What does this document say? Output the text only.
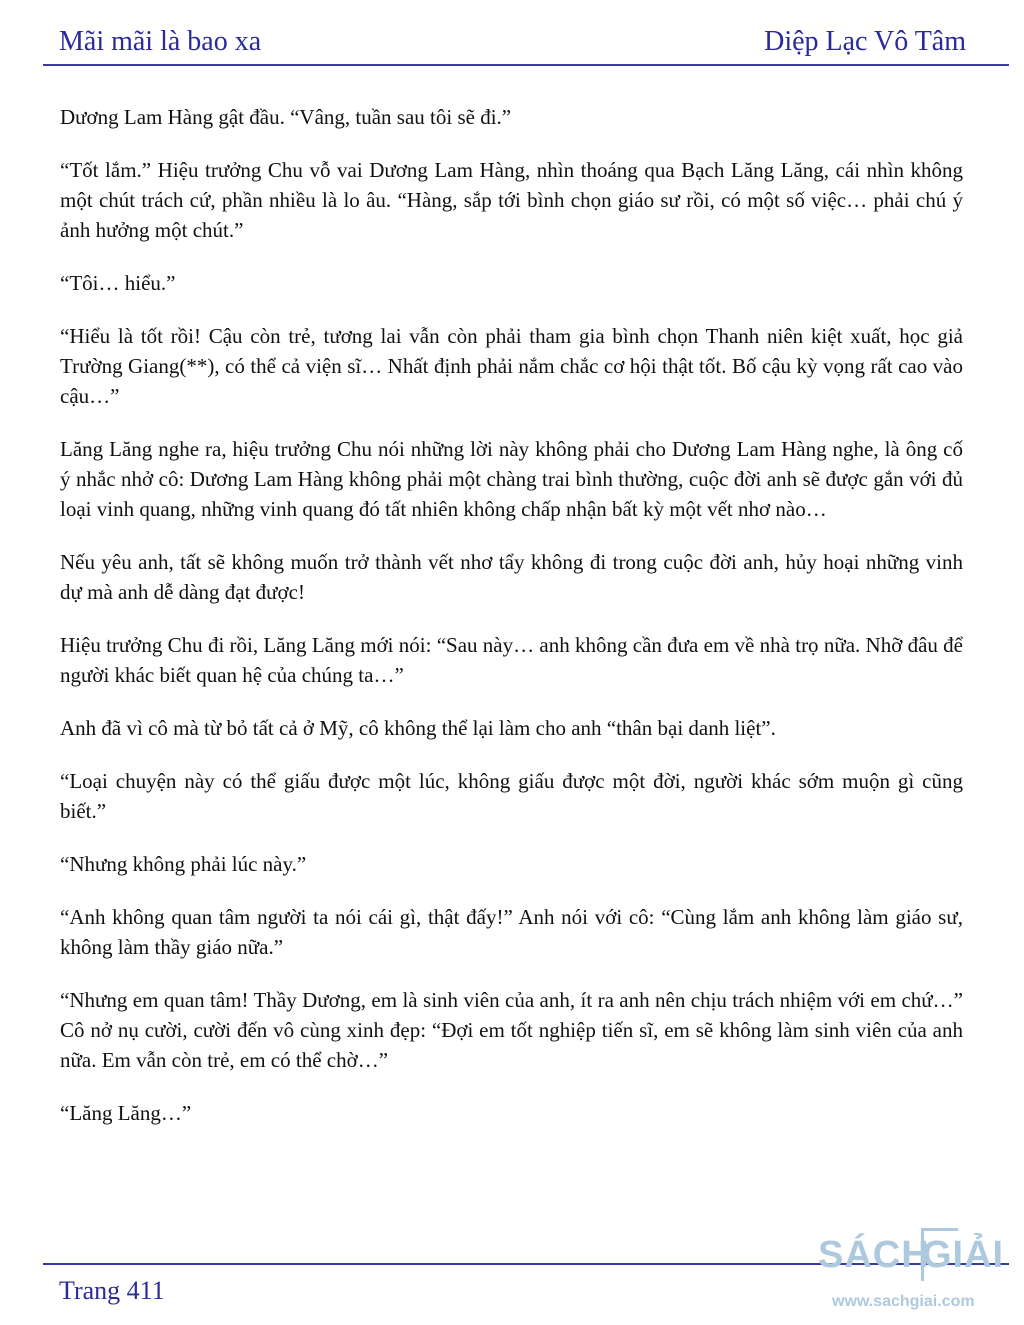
Mãi mãi là bao xa	Diệp Lạc Vô Tâm

Dương Lam Hàng gật đầu. “Vâng, tuần sau tôi sẽ đi.”

“Tốt lắm.” Hiệu trưởng Chu vỗ vai Dương Lam Hàng, nhìn thoáng qua Bạch Lăng Lăng, cái nhìn không một chút trách cứ, phần nhiều là lo âu. “Hàng, sắp tới bình chọn giáo sư rồi, có một số việc… phải chú ý ảnh hưởng một chút.”

“Tôi… hiểu.”

“Hiểu là tốt rồi! Cậu còn trẻ, tương lai vẫn còn phải tham gia bình chọn Thanh niên kiệt xuất, học giả Trường Giang(**), có thể cả viện sĩ… Nhất định phải nắm chắc cơ hội thật tốt. Bố cậu kỳ vọng rất cao vào cậu…”

Lăng Lăng nghe ra, hiệu trưởng Chu nói những lời này không phải cho Dương Lam Hàng nghe, là ông cố ý nhắc nhở cô: Dương Lam Hàng không phải một chàng trai bình thường, cuộc đời anh sẽ được gắn với đủ loại vinh quang, những vinh quang đó tất nhiên không chấp nhận bất kỳ một vết nhơ nào…

Nếu yêu anh, tất sẽ không muốn trở thành vết nhơ tẩy không đi trong cuộc đời anh, hủy hoại những vinh dự mà anh dễ dàng đạt được!

Hiệu trưởng Chu đi rồi, Lăng Lăng mới nói: “Sau này… anh không cần đưa em về nhà trọ nữa. Nhỡ đâu để người khác biết quan hệ của chúng ta…”

Anh đã vì cô mà từ bỏ tất cả ở Mỹ, cô không thể lại làm cho anh “thân bại danh liệt”.

“Loại chuyện này có thể giấu được một lúc, không giấu được một đời, người khác sớm muộn gì cũng biết.”

“Nhưng không phải lúc này.”

“Anh không quan tâm người ta nói cái gì, thật đấy!” Anh nói với cô: “Cùng lắm anh không làm giáo sư, không làm thầy giáo nữa.”

“Nhưng em quan tâm! Thầy Dương, em là sinh viên của anh, ít ra anh nên chịu trách nhiệm với em chứ…” Cô nở nụ cười, cười đến vô cùng xinh đẹp: “Đợi em tốt nghiệp tiến sĩ, em sẽ không làm sinh viên của anh nữa. Em vẫn còn trẻ, em có thể chờ…”

“Lăng Lăng…”

Trang 411
SÁCH
GIẢI
www.sachgiai.com
